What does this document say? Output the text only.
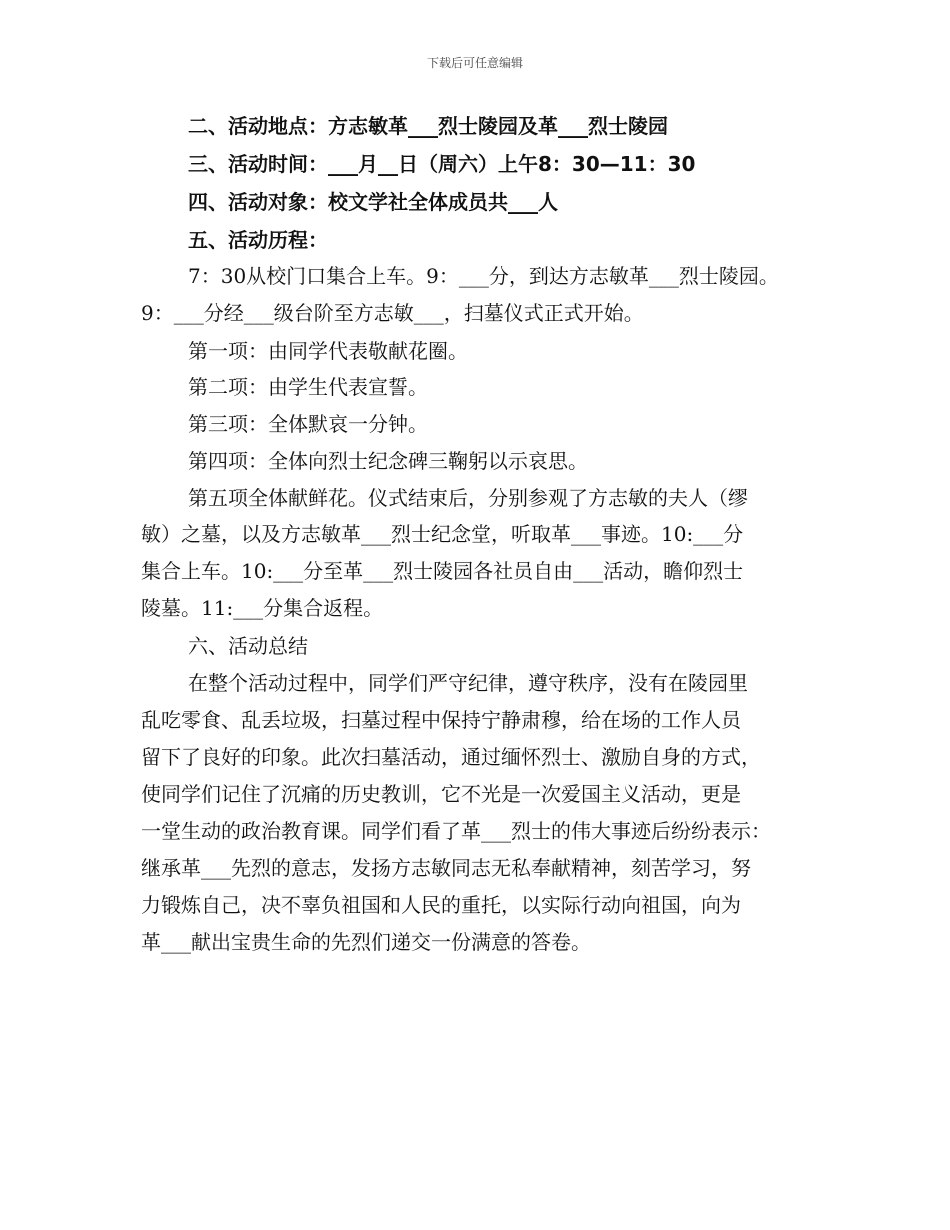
下载后可任意编辑
二、活动地点：方志敏革___烈士陵园及革___烈士陵园
三、活动时间：___月__日（周六）上午8：30—11：30
四、活动对象：校文学社全体成员共___人
五、活动历程：
7：30从校门口集合上车。9：___分，到达方志敏革___烈士陵园。
9：___分经___级台阶至方志敏___，扫墓仪式正式开始。
第一项：由同学代表敬献花圈。
第二项：由学生代表宣誓。
第三项：全体默哀一分钟。
第四项：全体向烈士纪念碑三鞠躬以示哀思。
第五项全体献鲜花。仪式结束后，分别参观了方志敏的夫人（缪
敏）之墓，以及方志敏革___烈士纪念堂，听取革___事迹。10:___分
集合上车。10:___分至革___烈士陵园各社员自由___活动，瞻仰烈士
陵墓。11:___分集合返程。
六、活动总结
在整个活动过程中，同学们严守纪律，遵守秩序，没有在陵园里
乱吃零食、乱丢垃圾，扫墓过程中保持宁静肃穆，给在场的工作人员
留下了良好的印象。此次扫墓活动，通过缅怀烈士、激励自身的方式，
使同学们记住了沉痛的历史教训，它不光是一次爱国主义活动，更是
一堂生动的政治教育课。同学们看了革___烈士的伟大事迹后纷纷表示：
继承革___先烈的意志，发扬方志敏同志无私奉献精神，刻苦学习，努
力锻炼自己，决不辜负祖国和人民的重托，以实际行动向祖国，向为
革___献出宝贵生命的先烈们递交一份满意的答卷。
